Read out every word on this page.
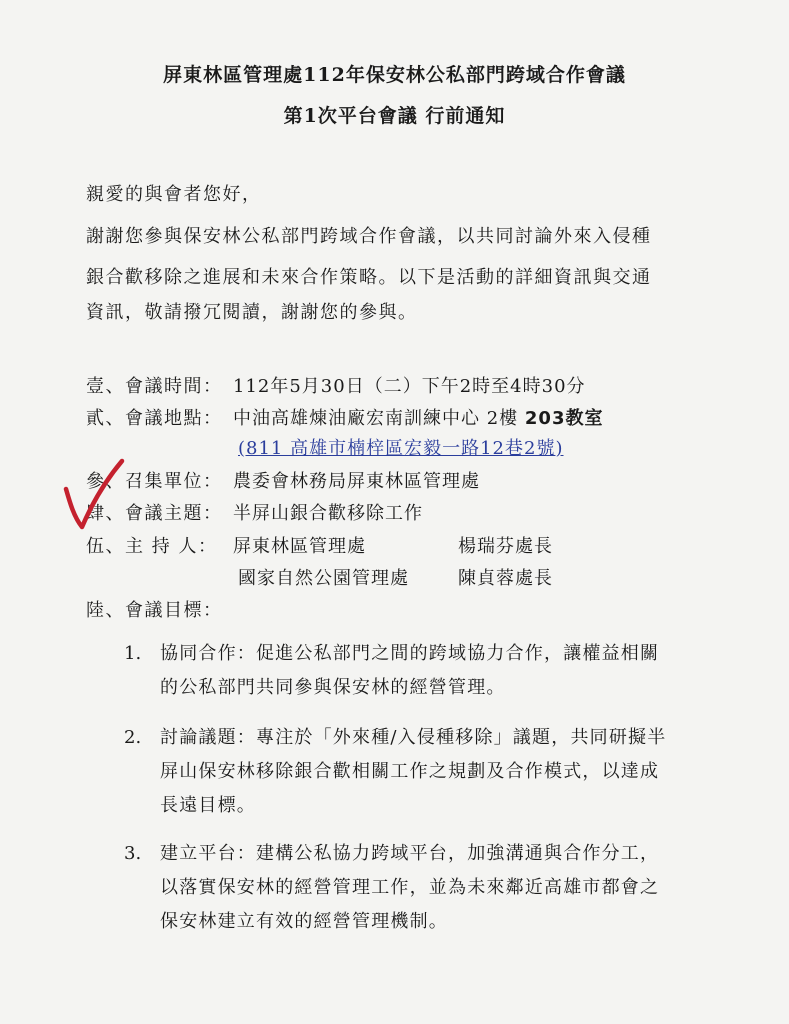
屏東林區管理處112年保安林公私部門跨域合作會議
第1次平台會議 行前通知
親愛的與會者您好，
謝謝您參與保安林公私部門跨域合作會議，以共同討論外來入侵種
銀合歡移除之進展和未來合作策略。以下是活動的詳細資訊與交通
資訊，敬請撥冗閱讀，謝謝您的參與。
壹、會議時間： 112年5月30日（二）下午2時至4時30分
貳、會議地點： 中油高雄煉油廠宏南訓練中心 2樓 203教室
(811 高雄市楠梓區宏毅一路12巷2號)
參、召集單位： 農委會林務局屏東林區管理處
肆、會議主題： 半屏山銀合歡移除工作
伍、主 持 人： 屏東林區管理處	楊瑞芬處長
國家自然公園管理處	陳貞蓉處長
陸、會議目標：
1. 協同合作：促進公私部門之間的跨域協力合作，讓權益相關
的公私部門共同參與保安林的經營管理。
2. 討論議題：專注於「外來種/入侵種移除」議題，共同研擬半
屏山保安林移除銀合歡相關工作之規劃及合作模式，以達成
長遠目標。
3. 建立平台：建構公私協力跨域平台，加強溝通與合作分工，
以落實保安林的經營管理工作，並為未來鄰近高雄市都會之
保安林建立有效的經營管理機制。
